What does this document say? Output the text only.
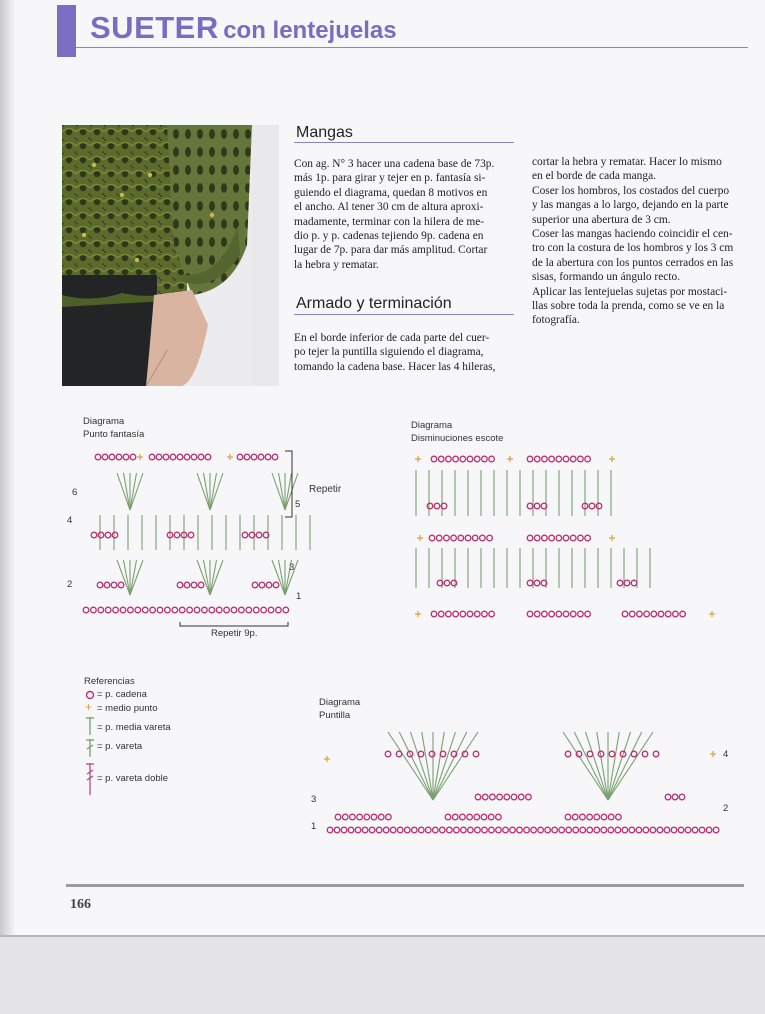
SUETER con lentejuelas
Mangas
Con ag. N° 3 hacer una cadena base de 73p.
más 1p. para girar y tejer en p. fantasía si-
guiendo el diagrama, quedan 8 motivos en
el ancho. Al tener 30 cm de altura aproxi-
madamente, terminar con la hilera de me-
dio p. y p. cadenas tejiendo 9p. cadena en
lugar de 7p. para dar más amplitud. Cortar
la hebra y rematar.
Armado y terminación
En el borde inferior de cada parte del cuer-
po tejer la puntilla siguiendo el diagrama,
tomando la cadena base. Hacer las 4 hileras,
cortar la hebra y rematar. Hacer lo mismo
en el borde de cada manga.
Coser los hombros, los costados del cuerpo
y las mangas a lo largo, dejando en la parte
superior una abertura de 3 cm.
Coser las mangas haciendo coincidir el cen-
tro con la costura de los hombros y los 3 cm
de la abertura con los puntos cerrados en las
sisas, formando un ángulo recto.
Aplicar las lentejuelas sujetas por mostaci-
llas sobre toda la prenda, como se ve en la
fotografía.
Diagrama
Punto fantasía
Repetir
Repetir 9p.
6
4
2
5
3
1
Diagrama
Disminuciones escote
Referencias
+
= p. cadena
= medio punto
= p. media vareta
= p. vareta
= p. vareta doble
Diagrama
Puntilla
4
3
2
1
166
